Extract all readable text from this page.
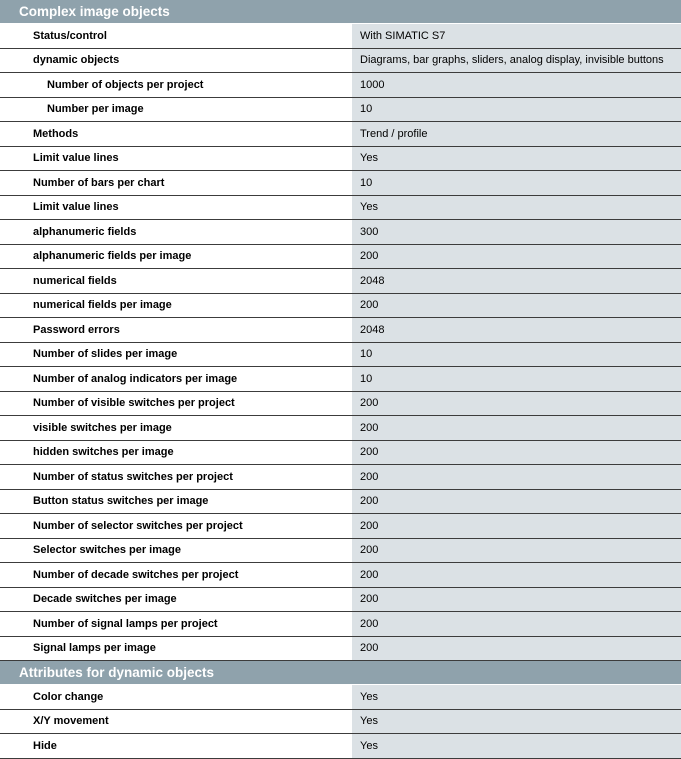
Complex image objects
Status/control	With SIMATIC S7
dynamic objects	Diagrams, bar graphs, sliders, analog display, invisible buttons
Number of objects per project	1000
Number per image	10
Methods	Trend / profile
Limit value lines	Yes
Number of bars per chart	10
Limit value lines	Yes
alphanumeric fields	300
alphanumeric fields per image	200
numerical fields	2048
numerical fields per image	200
Password errors	2048
Number of slides per image	10
Number of analog indicators per image	10
Number of visible switches per project	200
visible switches per image	200
hidden switches per image	200
Number of status switches per project	200
Button status switches per image	200
Number of selector switches per project	200
Selector switches per image	200
Number of decade switches per project	200
Decade switches per image	200
Number of signal lamps per project	200
Signal lamps per image	200
Attributes for dynamic objects
Color change	Yes
X/Y movement	Yes
Hide	Yes
